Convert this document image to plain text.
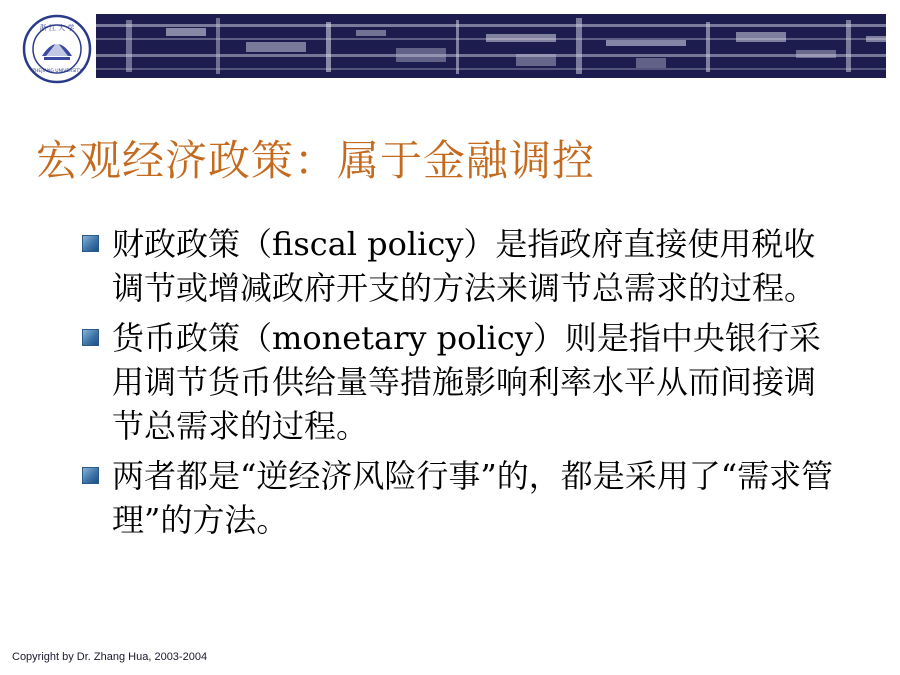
浙 江 大 学
ZHEJIANG UNIVERSITY
宏观经济政策：属于金融调控
财政政策（fiscal policy）是指政府直接使用税收调节或增减政府开支的方法来调节总需求的过程。
货币政策（monetary policy）则是指中央银行采用调节货币供给量等措施影响利率水平从而间接调节总需求的过程。
两者都是“逆经济风险行事”的，都是采用了“需求管理”的方法。
Copyright by Dr. Zhang Hua, 2003-2004
